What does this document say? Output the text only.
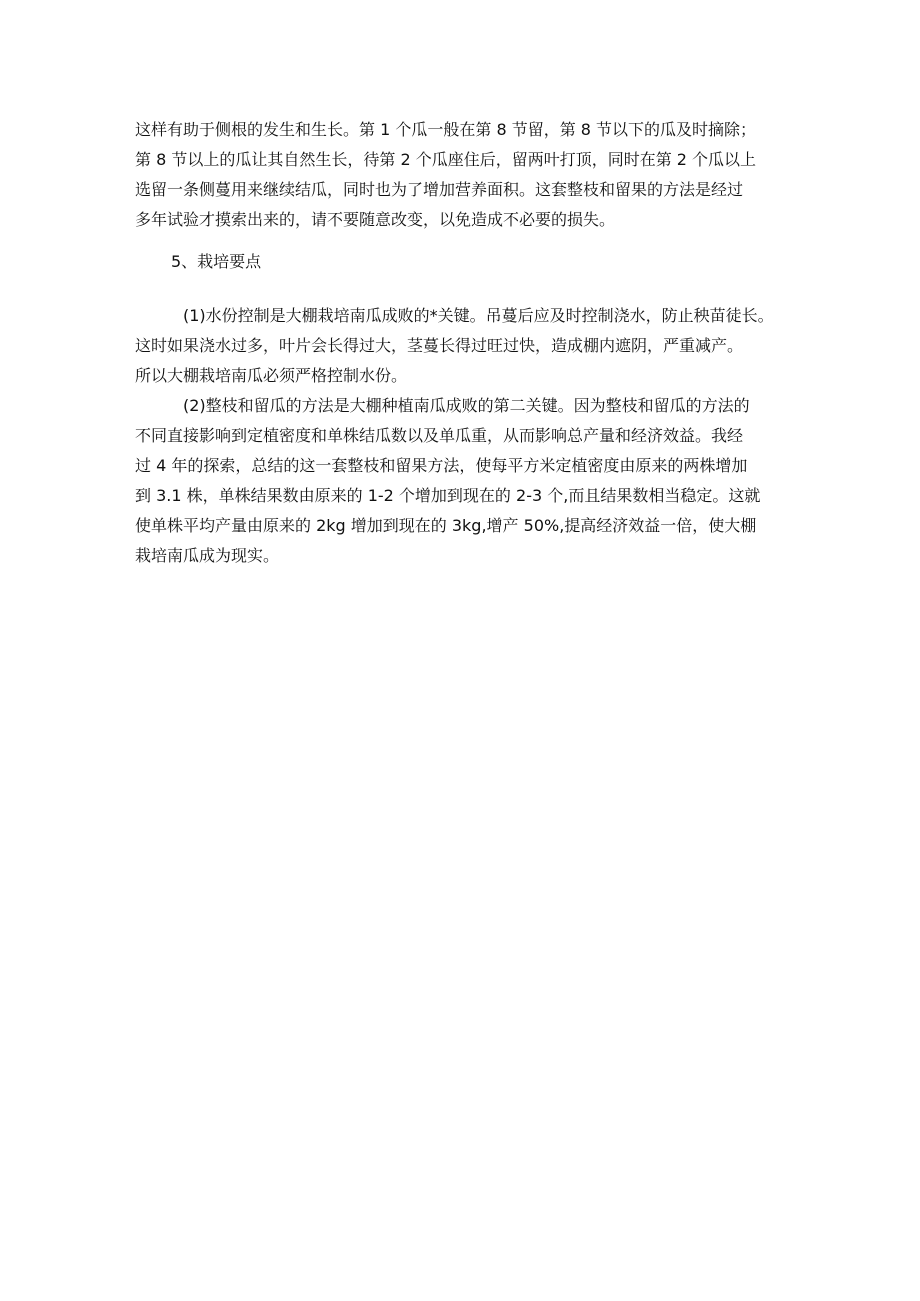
这样有助于侧根的发生和生长。第 1 个瓜一般在第 8 节留，第 8 节以下的瓜及时摘除；
第 8 节以上的瓜让其自然生长，待第 2 个瓜座住后，留两叶打顶，同时在第 2 个瓜以上
选留一条侧蔓用来继续结瓜，同时也为了增加营养面积。这套整枝和留果的方法是经过
多年试验才摸索出来的，请不要随意改变，以免造成不必要的损失。
5、栽培要点
(1)水份控制是大棚栽培南瓜成败的*关键。吊蔓后应及时控制浇水，防止秧苗徒长。
这时如果浇水过多，叶片会长得过大，茎蔓长得过旺过快，造成棚内遮阴，严重减产。
所以大棚栽培南瓜必须严格控制水份。
(2)整枝和留瓜的方法是大棚种植南瓜成败的第二关键。因为整枝和留瓜的方法的
不同直接影响到定植密度和单株结瓜数以及单瓜重，从而影响总产量和经济效益。我经
过 4 年的探索，总结的这一套整枝和留果方法，使每平方米定植密度由原来的两株增加
到 3.1 株，单株结果数由原来的 1-2 个增加到现在的 2-3 个,而且结果数相当稳定。这就
使单株平均产量由原来的 2kg 增加到现在的 3kg,增产 50%,提高经济效益一倍，使大棚
栽培南瓜成为现实。
